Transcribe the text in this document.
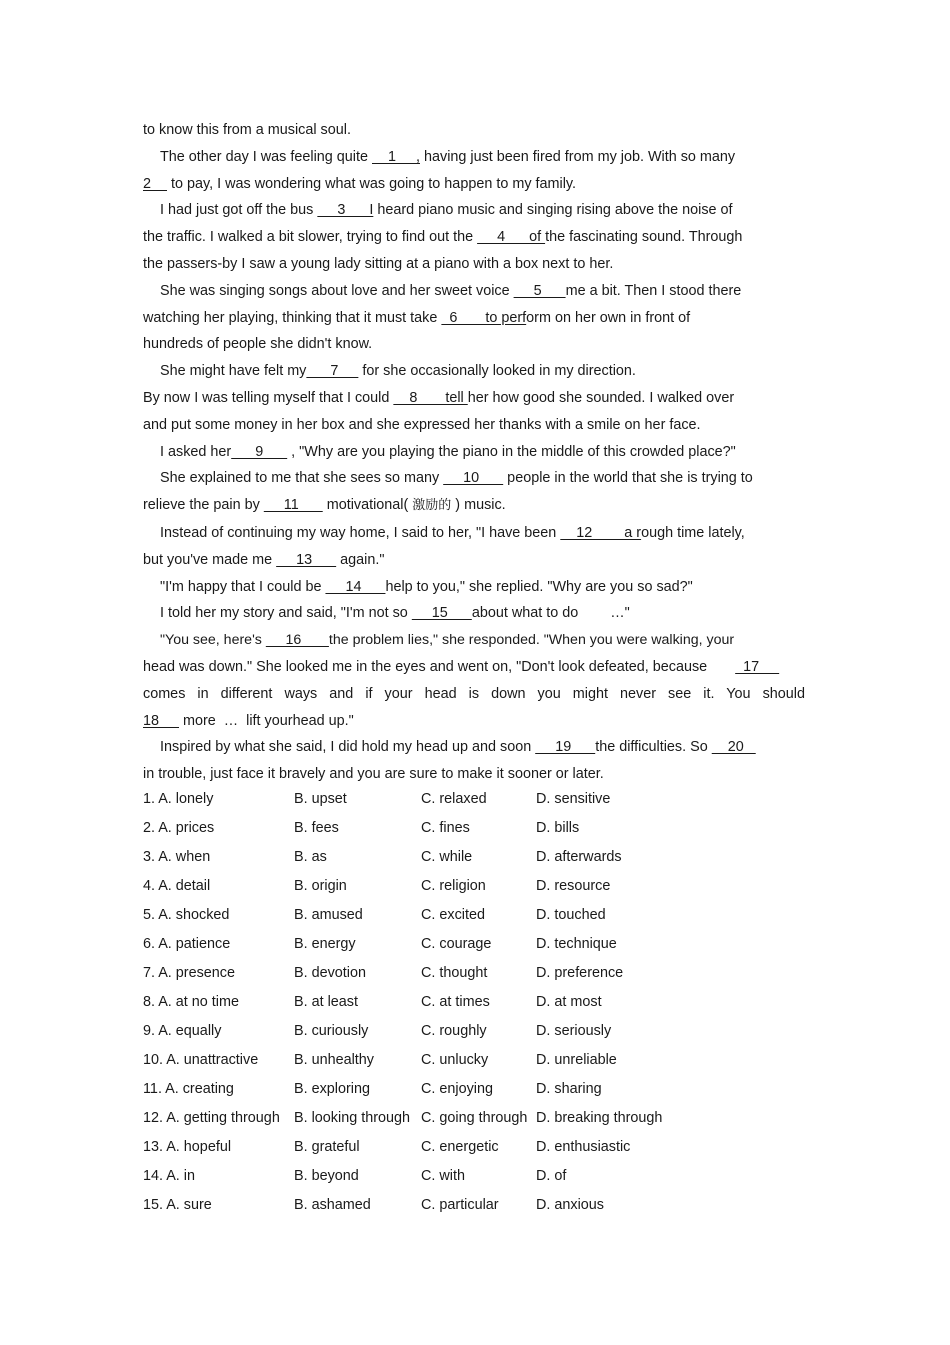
to know this from a musical soul.

The other day I was feeling quite     1     , having just been fired from my job. With so many

2     to pay, I was wondering what was going to happen to my family.

I had just got off the bus      3      I heard piano music and singing rising above the noise of

the traffic. I walked a bit slower, trying to find out the      4      of the fascinating sound. Through

the passers-by I saw a young lady sitting at a piano with a box next to her.

She was singing songs about love and her sweet voice      5      me a bit. Then I stood there

watching her playing, thinking that it must take   6       to perform on her own in front of

hundreds of people she didn't know.

She might have felt my      7      for she occasionally looked in my direction.

By now I was telling myself that I could     8       tell her how good she sounded. I walked over

and put some money in her box and she expressed her thanks with a smile on her face.

I asked her      9       , "Why are you playing the piano in the middle of this crowded place?"

She explained to me that she sees so many      10       people in the world that she is trying to

relieve the pain by      11       motivational( 激励的 ) music.

Instead of continuing my way home, I said to her, "I have been     12        a rough time lately,

but you've made me      13       again."

"I'm happy that I could be      14      help to you," she replied. "Why are you so sad?"

I told her my story and said, "I'm not so      15      about what to do        …"

"You see, here's      16       the problem lies," she responded. "When you were walking, your

head was down." She looked me in the eyes and went on, "Don't look defeated, because         17

comes in different ways and if your head is down you might never see it. You should

18      more  …  lift yourhead up."

Inspired by what she said, I did hold my head up and soon      19      the difficulties. So     20

in trouble, just face it bravely and you are sure to make it sooner or later.

1. A. lonely	B. upset	C. relaxed	D. sensitive
2. A. prices	B. fees	C. fines	D. bills
3. A. when	B. as	C. while	D. afterwards
4. A. detail	B. origin	C. religion	D. resource
5. A. shocked	B. amused	C. excited	D. touched
6. A. patience	B. energy	C. courage	D. technique
7. A. presence	B. devotion	C. thought	D. preference
8. A. at no time	B. at least	C. at times	D. at most
9. A. equally	B. curiously	C. roughly	D. seriously
10. A. unattractive	B. unhealthy	C. unlucky	D. unreliable
11. A. creating	B. exploring	C. enjoying	D. sharing
12. A. getting through B. looking through C. going through D. breaking through
13. A. hopeful	B. grateful	C. energetic	D. enthusiastic
14. A. in	B. beyond	C. with	D. of
15. A. sure	B. ashamed	C. particular	D. anxious
